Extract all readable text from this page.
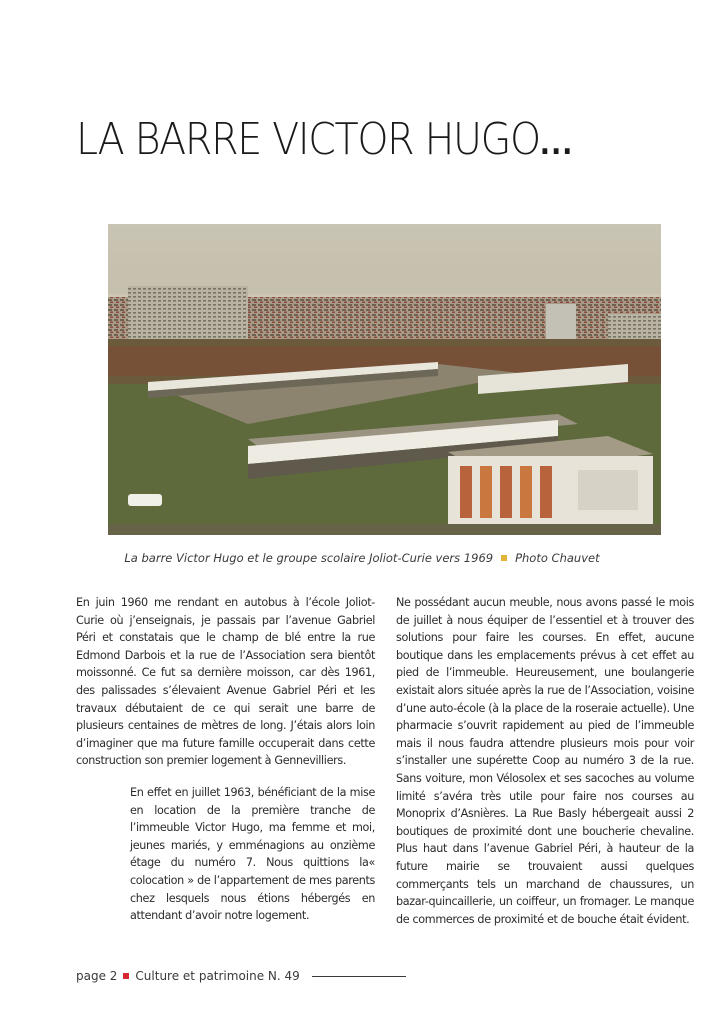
LA BARRE VICTOR HUGO...
La barre Victor Hugo et le groupe scolaire Joliot-Curie vers 1969 Photo Chauvet

En juin 1960 me rendant en autobus à l’école Joliot-Curie où j’enseignais, je passais par l’avenue Gabriel Péri et constatais que le champ de blé entre la rue Edmond Darbois et la rue de l’Association sera bientôt moissonné. Ce fut sa dernière moisson, car dès 1961, des palissades s’élevaient Avenue Gabriel Péri et les travaux débutaient de ce qui serait une barre de plusieurs centaines de mètres de long. J’étais alors loin d’imaginer que ma future famille occuperait dans cette construction son premier logement à Gennevilliers.

En effet en juillet 1963, bénéficiant de la mise en location de la première tranche de l’immeuble Victor Hugo, ma femme et moi, jeunes mariés, y emménagions au onzième étage du numéro 7. Nous quittions la« colocation » de l’appartement de mes parents chez lesquels nous étions hébergés en attendant d’avoir notre logement.

Ne possédant aucun meuble, nous avons passé le mois de juillet à nous équiper de l’essentiel et à trouver des solutions pour faire les courses. En effet, aucune boutique dans les emplacements prévus à cet effet au pied de l’immeuble. Heureusement, une boulangerie existait alors située après la rue de l’Association, voisine d’une auto-école (à la place de la roseraie actuelle). Une pharmacie s’ouvrit rapidement au pied de l’immeuble mais il nous faudra attendre plusieurs mois pour voir s’installer une supérette Coop au numéro 3 de la rue. Sans voiture, mon Vélosolex et ses sacoches au volume limité s’avéra très utile pour faire nos courses au Monoprix d’Asnières. La Rue Basly hébergeait aussi 2 boutiques de proximité dont une boucherie chevaline. Plus haut dans l’avenue Gabriel Péri, à hauteur de la future mairie se trouvaient aussi quelques commerçants tels un marchand de chaussures, un bazar-quincaillerie, un coiffeur, un fromager. Le manque de commerces de proximité et de bouche était évident.

page 2 Culture et patrimoine N. 49
